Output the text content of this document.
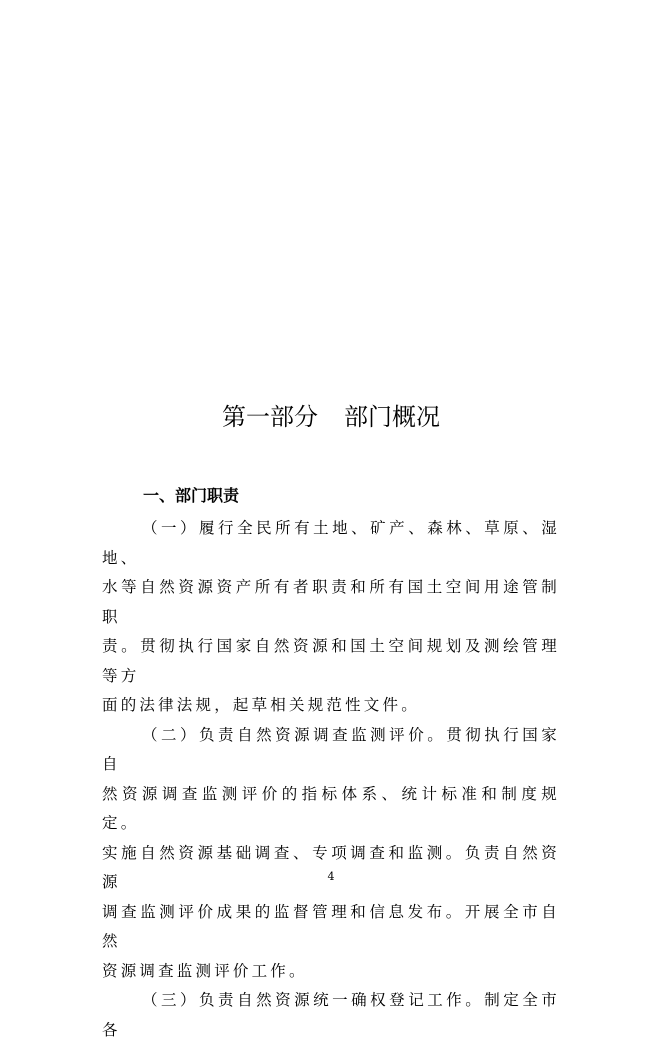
第一部分 部门概况
一、部门职责

（一）履行全民所有土地、矿产、森林、草原、湿地、
水等自然资源资产所有者职责和所有国土空间用途管制职
责。贯彻执行国家自然资源和国土空间规划及测绘管理等方
面的法律法规，起草相关规范性文件。

（二）负责自然资源调查监测评价。贯彻执行国家自
然资源调查监测评价的指标体系、统计标准和制度规定。
实施自然资源基础调查、专项调查和监测。负责自然资源
调查监测评价成果的监督管理和信息发布。开展全市自然
资源调查监测评价工作。

（三）负责自然资源统一确权登记工作。制定全市各

4
